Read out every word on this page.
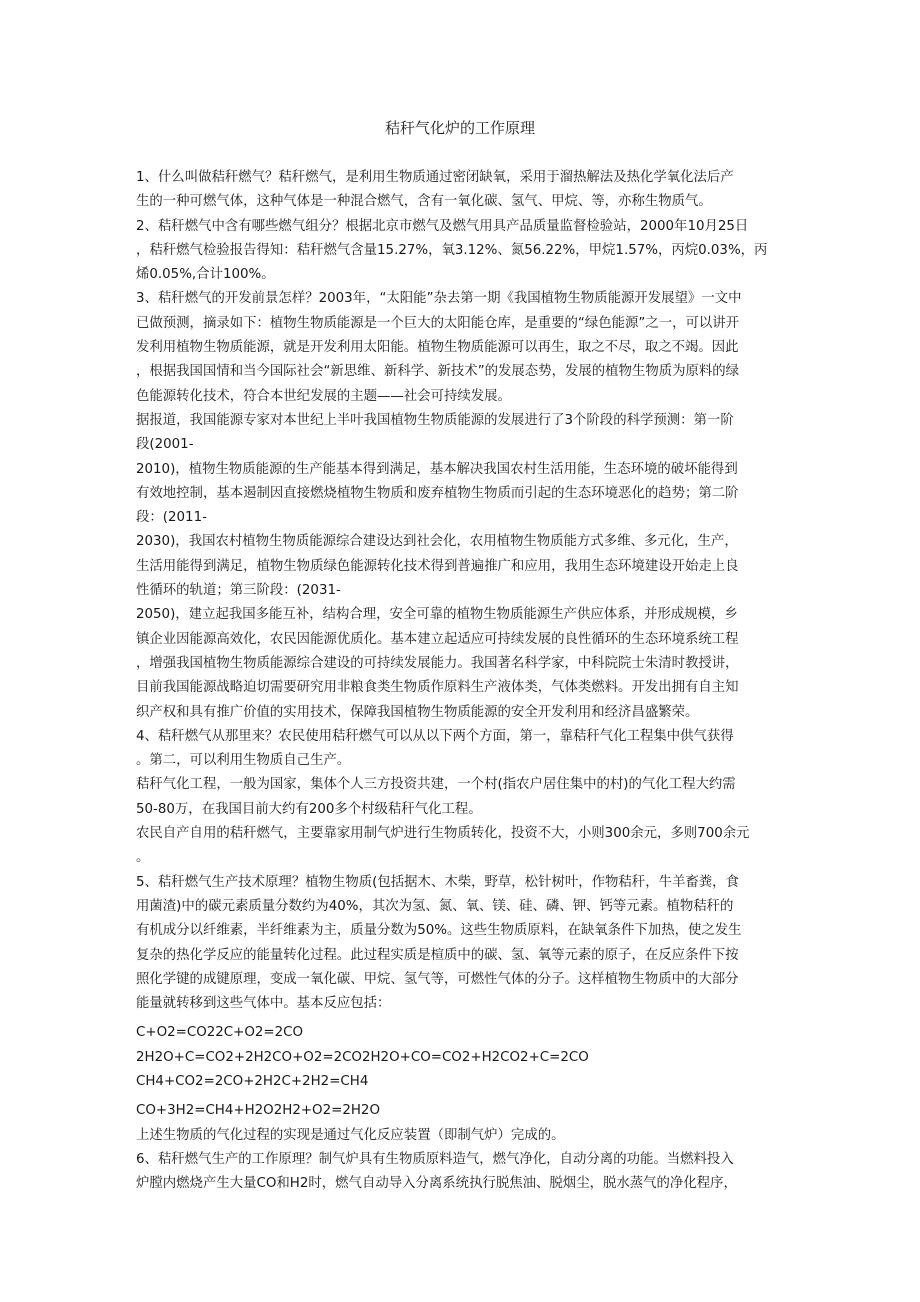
秸秆气化炉的工作原理
1、什么叫做秸秆燃气？秸秆燃气，是利用生物质通过密闭缺氧，采用于溜热解法及热化学氧化法后产
生的一种可燃气体，这种气体是一种混合燃气，含有一氧化碳、氢气、甲烷、等，亦称生物质气。
2、秸秆燃气中含有哪些燃气组分？根据北京市燃气及燃气用具产品质量监督检验站，2000年10月25日
，秸秆燃气检验报告得知：秸秆燃气含量15.27%，氧3.12%、氮56.22%，甲烷1.57%，丙烷0.03%，丙
烯0.05%,合计100%。
3、秸秆燃气的开发前景怎样？2003年，“太阳能”杂去第一期《我国植物生物质能源开发展望》一文中
已做预测，摘录如下：植物生物质能源是一个巨大的太阳能仓库，是重要的“绿色能源”之一，可以讲开
发利用植物生物质能源，就是开发利用太阳能。植物生物质能源可以再生，取之不尽，取之不竭。因此
，根据我国国情和当今国际社会“新思维、新科学、新技术”的发展态势，发展的植物生物质为原料的绿
色能源转化技术，符合本世纪发展的主题——社会可持续发展。
据报道，我国能源专家对本世纪上半叶我国植物生物质能源的发展进行了3个阶段的科学预测：第一阶
段(2001-
2010)，植物生物质能源的生产能基本得到满足，基本解决我国农村生活用能，生态环境的破坏能得到
有效地控制，基本遏制因直接燃烧植物生物质和废弃植物生物质而引起的生态环境恶化的趋势；第二阶
段：(2011-
2030)，我国农村植物生物质能源综合建设达到社会化，农用植物生物质能方式多维、多元化，生产，
生活用能得到满足，植物生物质绿色能源转化技术得到普遍推广和应用，我用生态环境建设开始走上良
性循环的轨道；第三阶段：(2031-
2050)，建立起我国多能互补，结构合理，安全可靠的植物生物质能源生产供应体系，并形成规模，乡
镇企业因能源高效化，农民因能源优质化。基本建立起适应可持续发展的良性循环的生态环境系统工程
，增强我国植物生物质能源综合建设的可持续发展能力。我国著名科学家，中科院院士朱清时教授讲，
目前我国能源战略迫切需要研究用非粮食类生物质作原料生产液体类，气体类燃料。开发出拥有自主知
织产权和具有推广价值的实用技术，保障我国植物生物质能源的安全开发利用和经济昌盛繁荣。
4、秸秆燃气从那里来？农民使用秸秆燃气可以从以下两个方面，第一，靠秸秆气化工程集中供气获得
。第二，可以利用生物质自己生产。
秸秆气化工程，一般为国家，集体个人三方投资共建，一个村(指农户居住集中的村)的气化工程大约需
50-80万，在我国目前大约有200多个村级秸秆气化工程。
农民自产自用的秸秆燃气，主要靠家用制气炉进行生物质转化，投资不大，小则300余元，多则700余元
。
5、秸秆燃气生产技术原理？植物生物质(包括据木、木柴，野草，松针树叶，作物秸秆，牛羊畜粪，食
用菌渣)中的碳元素质量分数约为40%，其次为氢、氮、氧、镁、硅、磷、钾、钙等元素。植物秸秆的
有机成分以纤维素，半纤维素为主，质量分数为50%。这些生物质原料，在缺氧条件下加热，使之发生
复杂的热化学反应的能量转化过程。此过程实质是楦质中的碳、氢、氧等元素的原子，在反应条件下按
照化学键的成键原理，变成一氧化碳、甲烷、氢气等，可燃性气体的分子。这样植物生物质中的大部分
能量就转移到这些气体中。基本反应包括：
C+O2=CO22C+O2=2CO
2H2O+C=CO2+2H2CO+O2=2CO2H2O+CO=CO2+H2CO2+C=2CO
CH4+CO2=2CO+2H2C+2H2=CH4
CO+3H2=CH4+H2O2H2+O2=2H2O
上述生物质的气化过程的实现是通过气化反应装置（即制气炉）完成的。
6、秸秆燃气生产的工作原理？制气炉具有生物质原料造气，燃气净化，自动分离的功能。当燃料投入
炉膛内燃烧产生大量CO和H2时，燃气自动导入分离系统执行脱焦油、脱烟尘，脱水蒸气的净化程序，
